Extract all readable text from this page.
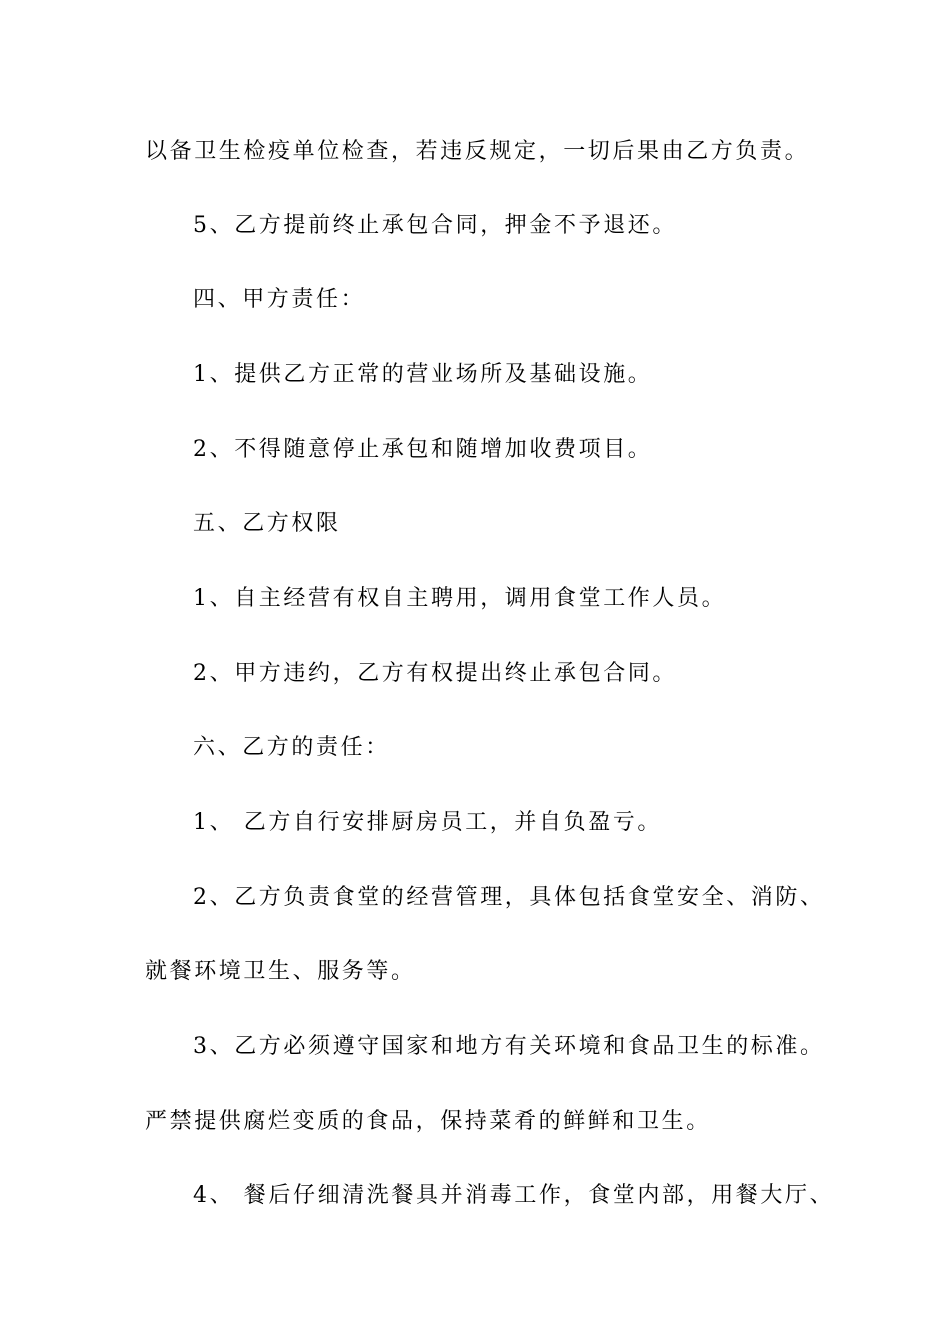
以备卫生检疫单位检查，若违反规定，一切后果由乙方负责。
5、乙方提前终止承包合同，押金不予退还。
四、甲方责任：
1、提供乙方正常的营业场所及基础设施。
2、不得随意停止承包和随增加收费项目。
五、乙方权限
1、自主经营有权自主聘用，调用食堂工作人员。
2、甲方违约，乙方有权提出终止承包合同。
六、乙方的责任：
1、 乙方自行安排厨房员工，并自负盈亏。
2、乙方负责食堂的经营管理，具体包括食堂安全、消防、
就餐环境卫生、服务等。
3、乙方必须遵守国家和地方有关环境和食品卫生的标准。
严禁提供腐烂变质的食品，保持菜肴的鲜鲜和卫生。
4、 餐后仔细清洗餐具并消毒工作，食堂内部，用餐大厅、
